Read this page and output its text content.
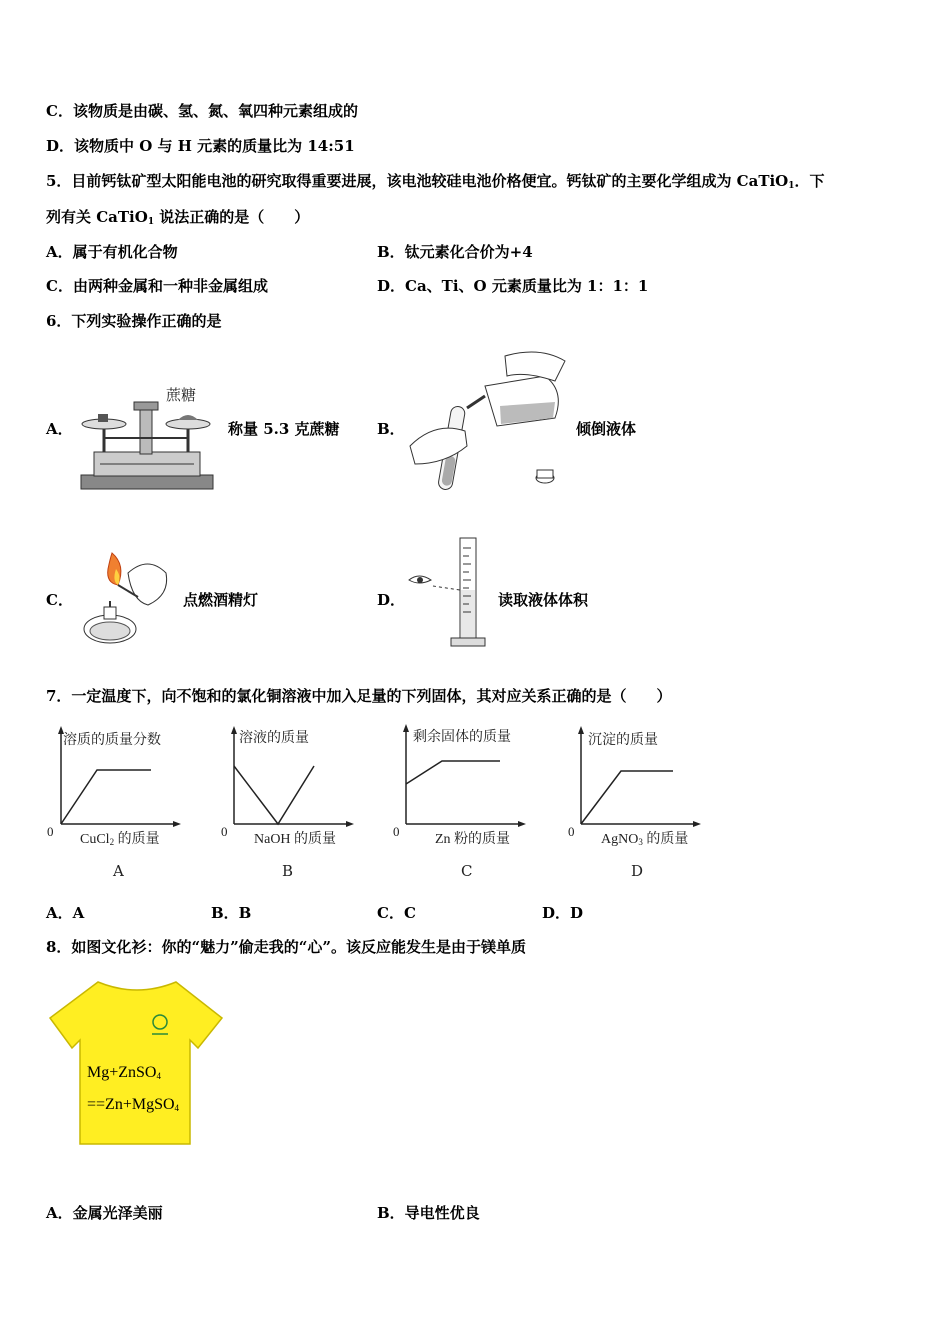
C．该物质是由碳、氢、氮、氧四种元素组成的
D．该物质中 O 与 H 元素的质量比为 14:51
5．目前钙钛矿型太阳能电池的研究取得重要进展，该电池较硅电池价格便宜。钙钛矿的主要化学组成为 CaTiO$_1$．下
列有关 CaTiO$_1$ 说法正确的是（　　）
A．属于有机化合物	B．钛元素化合价为+4
C．由两种金属和一种非金属组成	D．Ca、Ti、O 元素质量比为 1：1：1
6．下列实验操作正确的是
A．
蔗糖
称量 5.3 克蔗糖 B．	倾倒液体
C．	点燃酒精灯	D．	读取液体体积
7．一定温度下，向不饱和的氯化铜溶液中加入足量的下列固体，其对应关系正确的是（　　）
溶质的质量分数
0
CuCl$_2$ 的质量
A
溶液的质量
0
NaOH 的质量
B
剩余固体的质量
0
Zn 粉的质量
C
沉淀的质量
0
AgNO$_3$ 的质量
D
A．A	B．B	C．C	D．D
8．如图文化衫：你的“魅力”偷走我的“心”。该反应能发生是由于镁单质
Mg+ZnSO$_4$
==Zn+MgSO$_4$
A．金属光泽美丽	B．导电性优良
